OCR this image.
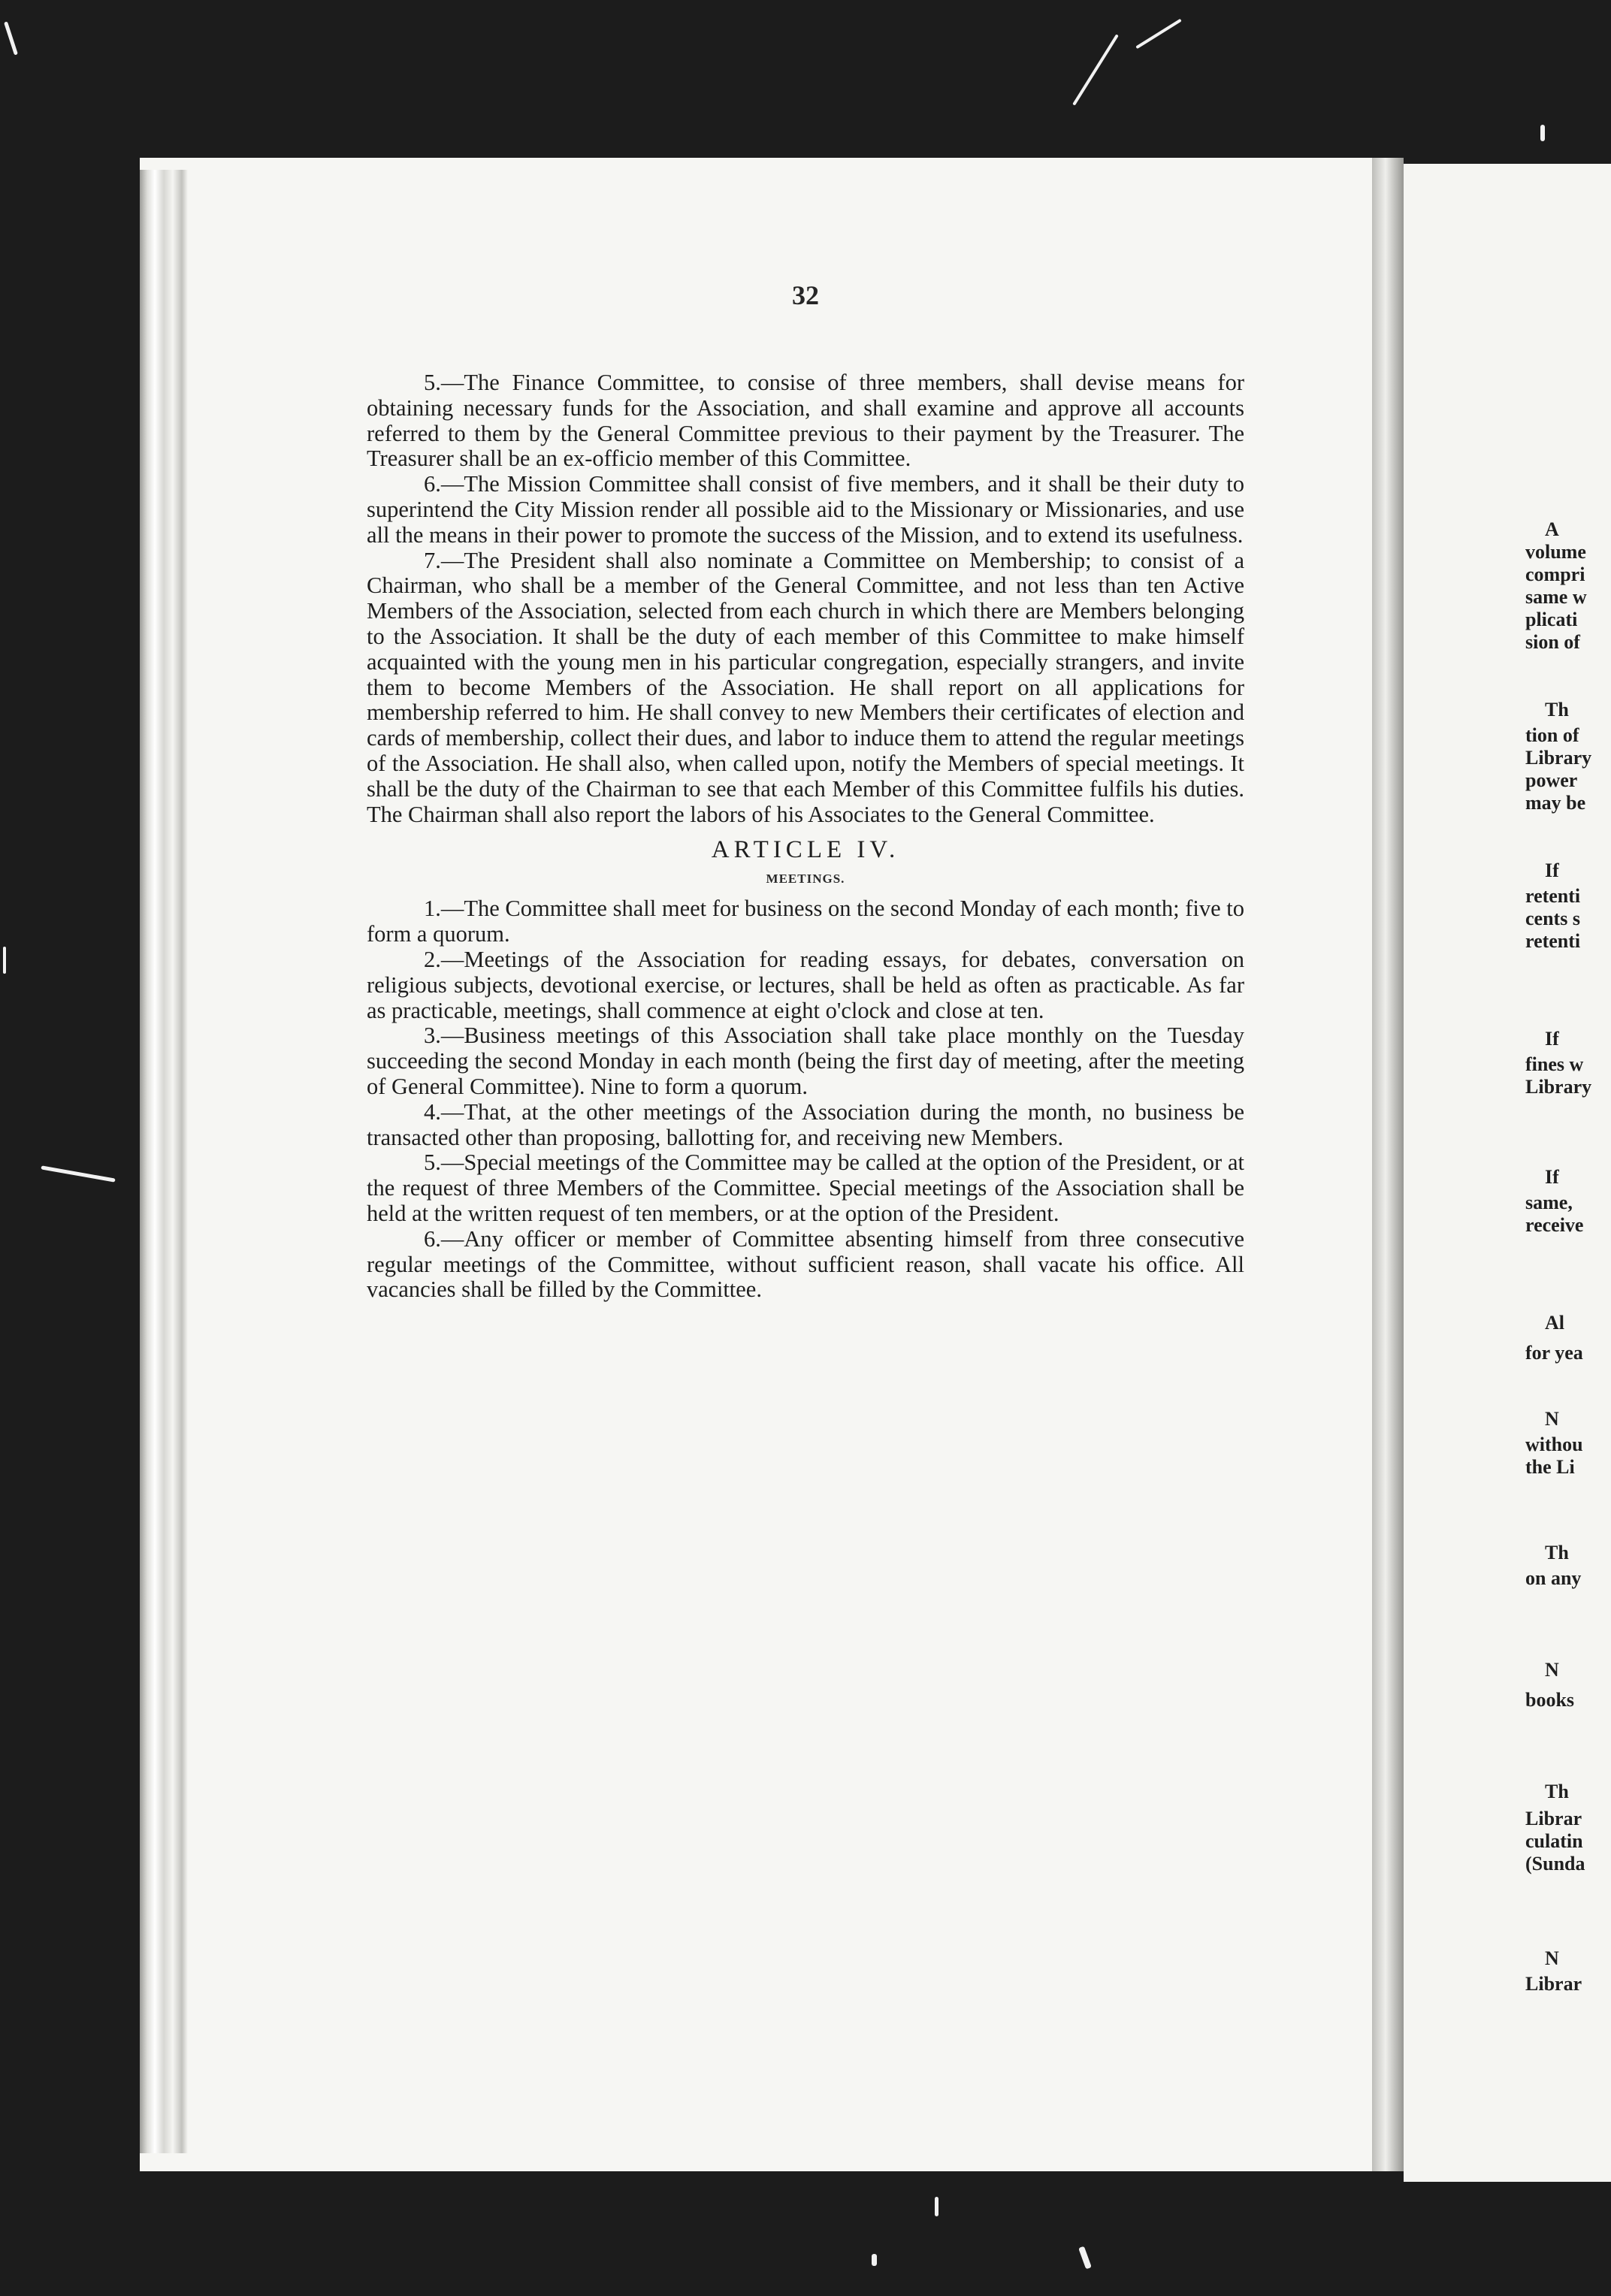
32

5.—The Finance Committee, to consise of three members, shall devise means for obtaining necessary funds for the Association, and shall examine and approve all accounts referred to them by the General Committee previous to their payment by the Treasurer. The Treasurer shall be an ex-officio member of this Committee.

6.—The Mission Committee shall consist of five members, and it shall be their duty to superintend the City Mission render all possible aid to the Missionary or Missionaries, and use all the means in their power to promote the success of the Mission, and to extend its usefulness.

7.—The President shall also nominate a Committee on Membership; to consist of a Chairman, who shall be a member of the General Committee, and not less than ten Active Members of the Association, selected from each church in which there are Members belonging to the Association. It shall be the duty of each member of this Committee to make himself acquainted with the young men in his particular congregation, especially strangers, and invite them to become Members of the Association. He shall report on all applications for membership referred to him. He shall convey to new Members their certificates of election and cards of membership, collect their dues, and labor to induce them to attend the regular meetings of the Association. He shall also, when called upon, notify the Members of special meetings. It shall be the duty of the Chairman to see that each Member of this Committee fulfils his duties. The Chairman shall also report the labors of his Associates to the General Committee.

ARTICLE IV.
MEETINGS.

1.—The Committee shall meet for business on the second Monday of each month; five to form a quorum.

2.—Meetings of the Association for reading essays, for debates, conversation on religious subjects, devotional exercise, or lectures, shall be held as often as practicable. As far as practicable, meetings, shall commence at eight o'clock and close at ten.

3.—Business meetings of this Association shall take place monthly on the Tuesday succeeding the second Monday in each month (being the first day of meeting, after the meeting of General Committee). Nine to form a quorum.

4.—That, at the other meetings of the Association during the month, no business be transacted other than proposing, ballotting for, and receiving new Members.

5.—Special meetings of the Committee may be called at the option of the President, or at the request of three Members of the Committee. Special meetings of the Association shall be held at the written request of ten members, or at the option of the President.

6.—Any officer or member of Committee absenting himself from three consecutive regular meetings of the Committee, without sufficient reason, shall vacate his office. All vacancies shall be filled by the Committee.

A
volume
compri
same w
plicati
sion of
Th
tion of
Library
power
may be
If
retenti
cents s
retenti
If
fines w
Library
If
same,
receive
Al
for yea
N
withou
the Li
Th
on any
N
books
Th
Librar
culatin
(Sunda
N
Librar
